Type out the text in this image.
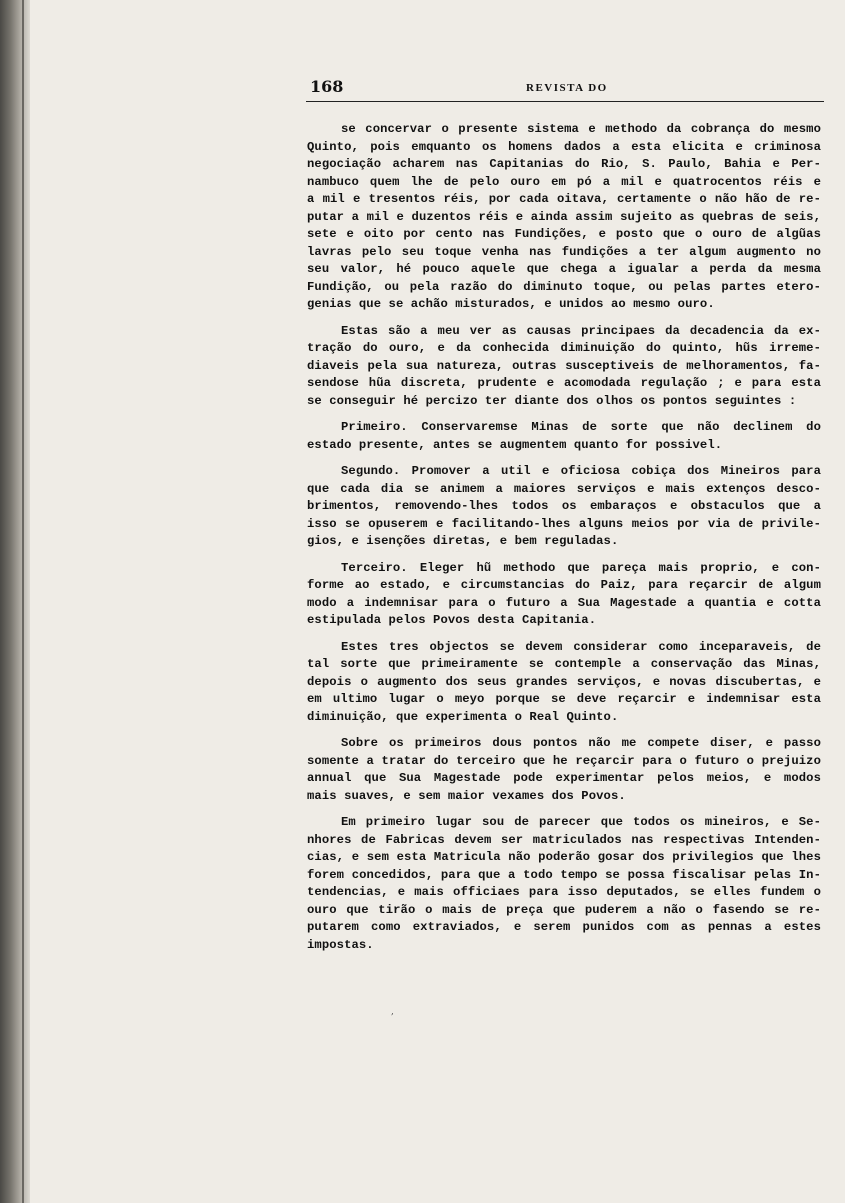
168	REVISTA DO
se concervar o presente sistema e methodo da cobrança do mesmo
Quinto, pois emquanto os homens dados a esta elicita e criminosa
negociação acharem nas Capitanias do Rio, S. Paulo, Bahia e Per-
nambuco quem lhe de pelo ouro em pó a mil e quatrocentos réis e
a mil e tresentos réis, por cada oitava, certamente o não hão de re-
putar a mil e duzentos réis e ainda assim sujeito as quebras de seis,
sete e oito por cento nas Fundições, e posto que o ouro de algũas
lavras pelo seu toque venha nas fundições a ter algum augmento no
seu valor, hé pouco aquele que chega a igualar a perda da mesma
Fundição, ou pela razão do diminuto toque, ou pelas partes etero-
genias que se achão misturados, e unidos ao mesmo ouro.
Estas são a meu ver as causas principaes da decadencia da ex-
tração do ouro, e da conhecida diminuição do quinto, hũs irreme-
diaveis pela sua natureza, outras susceptiveis de melhoramentos, fa-
sendose hũa discreta, prudente e acomodada regulação ; e para esta
se conseguir hé percizo ter diante dos olhos os pontos seguintes :
Primeiro. Conservaremse Minas de sorte que não declinem do
estado presente, antes se augmentem quanto for possivel.
Segundo. Promover a util e oficiosa cobiça dos Mineiros para
que cada dia se animem a maiores serviços e mais extenços desco-
brimentos, removendo-lhes todos os embaraços e obstaculos que a
isso se opuserem e facilitando-lhes alguns meios por via de privile-
gios, e isenções diretas, e bem reguladas.
Terceiro. Eleger hũ methodo que pareça mais proprio, e con-
forme ao estado, e circumstancias do Paiz, para reçarcir de algum
modo a indemnisar para o futuro a Sua Magestade a quantia e cotta
estipulada pelos Povos desta Capitania.
Estes tres objectos se devem considerar como inceparaveis, de
tal sorte que primeiramente se contemple a conservação das Minas,
depois o augmento dos seus grandes serviços, e novas discubertas, e
em ultimo lugar o meyo porque se deve reçarcir e indemnisar esta
diminuição, que experimenta o Real Quinto.
Sobre os primeiros dous pontos não me compete diser, e passo
somente a tratar do terceiro que he reçarcir para o futuro o prejuizo
annual que Sua Magestade pode experimentar pelos meios, e modos
mais suaves, e sem maior vexames dos Povos.
Em primeiro lugar sou de parecer que todos os mineiros, e Se-
nhores de Fabricas devem ser matriculados nas respectivas Intenden-
cias, e sem esta Matricula não poderão gosar dos privilegios que lhes
forem concedidos, para que a todo tempo se possa fiscalisar pelas In-
tendencias, e mais officiaes para isso deputados, se elles fundem o
ouro que tirão o mais de preça que puderem a não o fasendo se re-
putarem como extraviados, e serem punidos com as pennas a estes
impostas.
,
